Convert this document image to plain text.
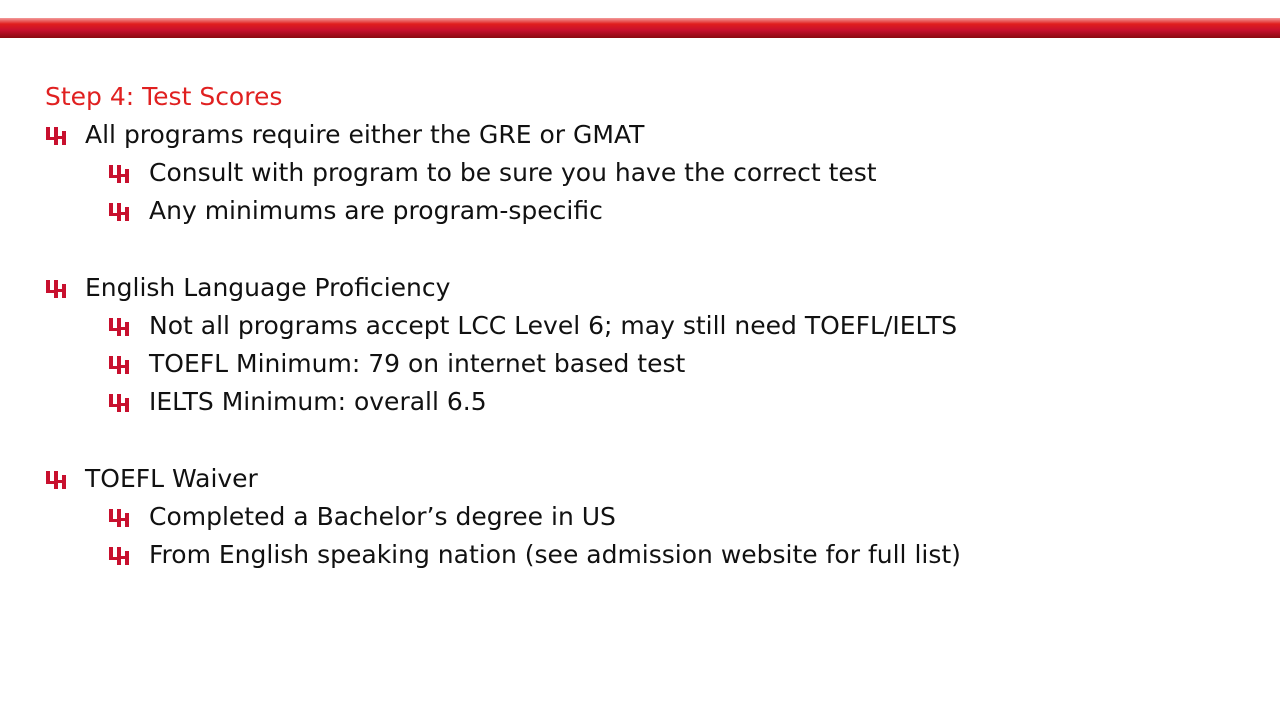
Step 4: Test Scores
All programs require either the GRE or GMAT
Consult with program to be sure you have the correct test
Any minimums are program-specific
English Language Proficiency
Not all programs accept LCC Level 6; may still need TOEFL/IELTS
TOEFL Minimum: 79 on internet based test
IELTS Minimum: overall 6.5
TOEFL Waiver
Completed a Bachelor’s degree in US
From English speaking nation (see admission website for full list)
